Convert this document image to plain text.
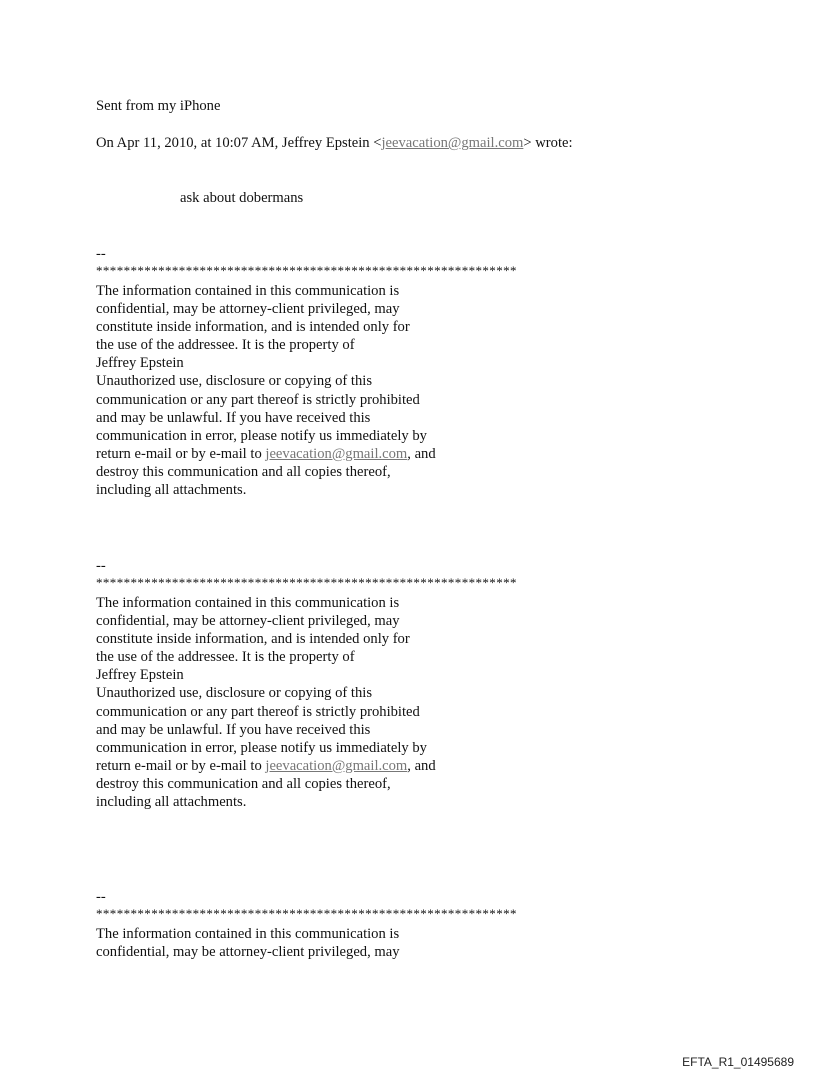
Sent from my iPhone
On Apr 11, 2010, at 10:07 AM, Jeffrey Epstein <jeevacation@gmail.com> wrote:
ask about dobermans
--
*************************************************************
The information contained in this communication is
confidential, may be attorney-client privileged, may
constitute inside information, and is intended only for
the use of the addressee. It is the property of
Jeffrey Epstein
Unauthorized use, disclosure or copying of this
communication or any part thereof is strictly prohibited
and may be unlawful. If you have received this
communication in error, please notify us immediately by
return e-mail or by e-mail to jeevacation@gmail.com, and
destroy this communication and all copies thereof,
including all attachments.
--
*************************************************************
The information contained in this communication is
confidential, may be attorney-client privileged, may
constitute inside information, and is intended only for
the use of the addressee. It is the property of
Jeffrey Epstein
Unauthorized use, disclosure or copying of this
communication or any part thereof is strictly prohibited
and may be unlawful. If you have received this
communication in error, please notify us immediately by
return e-mail or by e-mail to jeevacation@gmail.com, and
destroy this communication and all copies thereof,
including all attachments.
--
*************************************************************
The information contained in this communication is
confidential, may be attorney-client privileged, may
EFTA_R1_01495689
